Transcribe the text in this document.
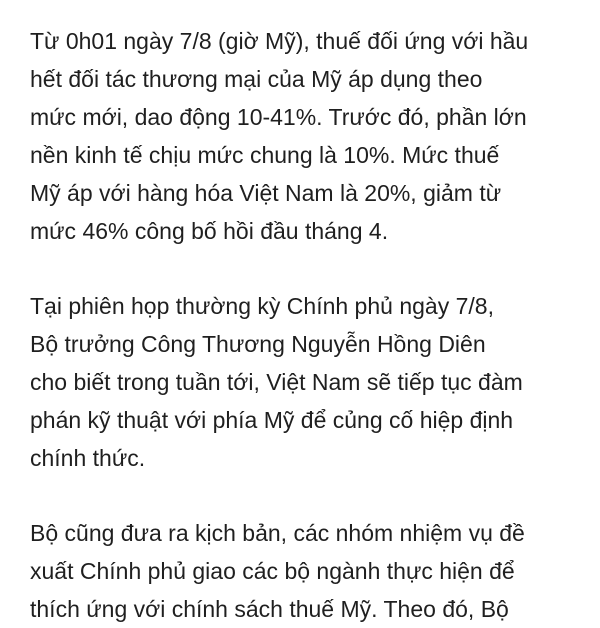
Từ 0h01 ngày 7/8 (giờ Mỹ), thuế đối ứng với hầu
hết đối tác thương mại của Mỹ áp dụng theo
mức mới, dao động 10-41%. Trước đó, phần lớn
nền kinh tế chịu mức chung là 10%. Mức thuế
Mỹ áp với hàng hóa Việt Nam là 20%, giảm từ
mức 46% công bố hồi đầu tháng 4.

Tại phiên họp thường kỳ Chính phủ ngày 7/8,
Bộ trưởng Công Thương Nguyễn Hồng Diên
cho biết trong tuần tới, Việt Nam sẽ tiếp tục đàm
phán kỹ thuật với phía Mỹ để củng cố hiệp định
chính thức.

Bộ cũng đưa ra kịch bản, các nhóm nhiệm vụ đề
xuất Chính phủ giao các bộ ngành thực hiện để
thích ứng với chính sách thuế Mỹ. Theo đó, Bộ
